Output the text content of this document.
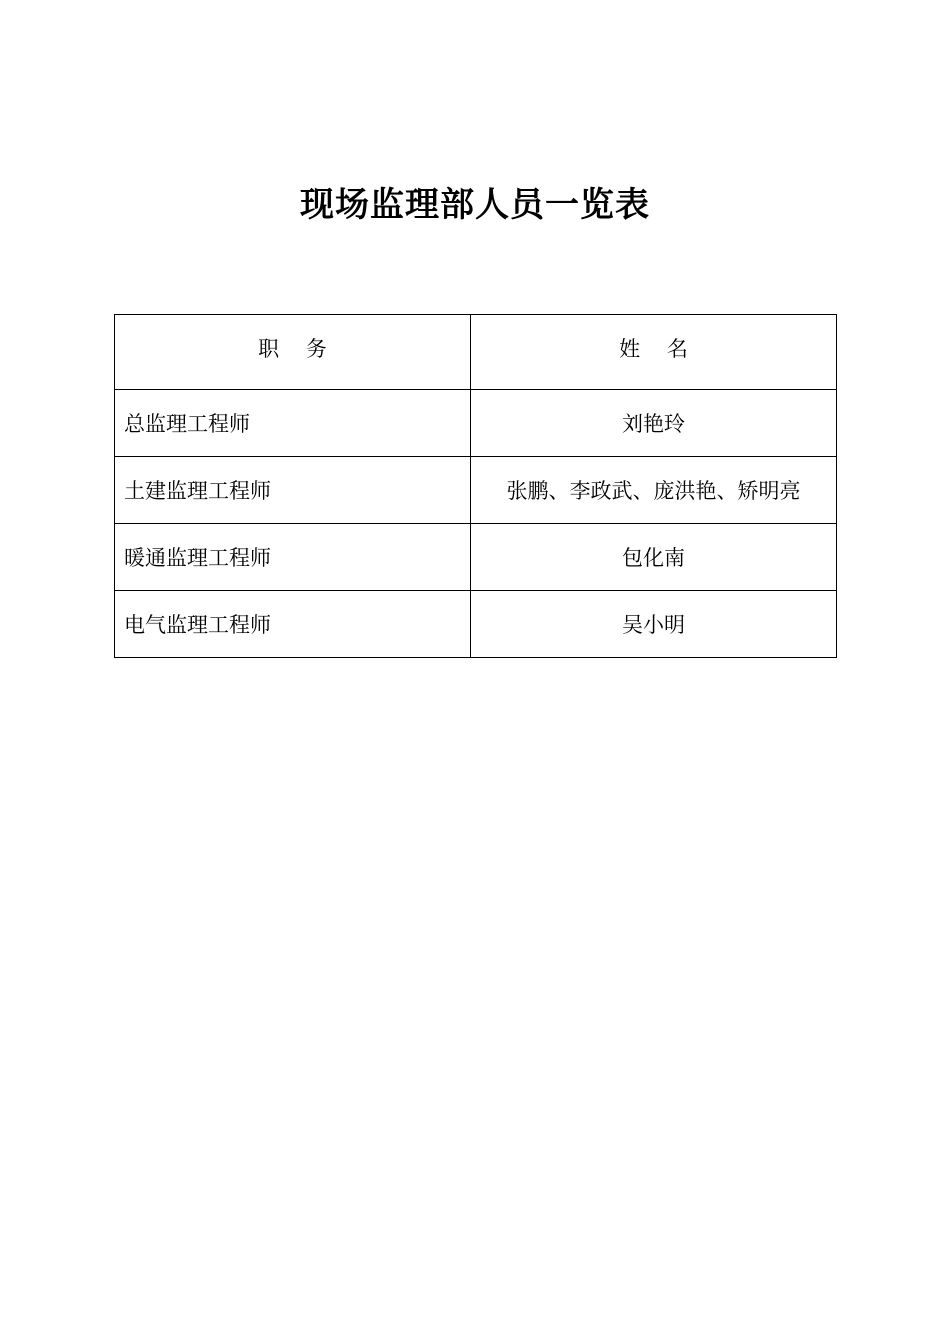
现场监理部人员一览表
职    务	姓    名
总监理工程师	刘艳玲
土建监理工程师	张鹏、李政武、庞洪艳、矫明亮
暖通监理工程师	包化南
电气监理工程师	吴小明
